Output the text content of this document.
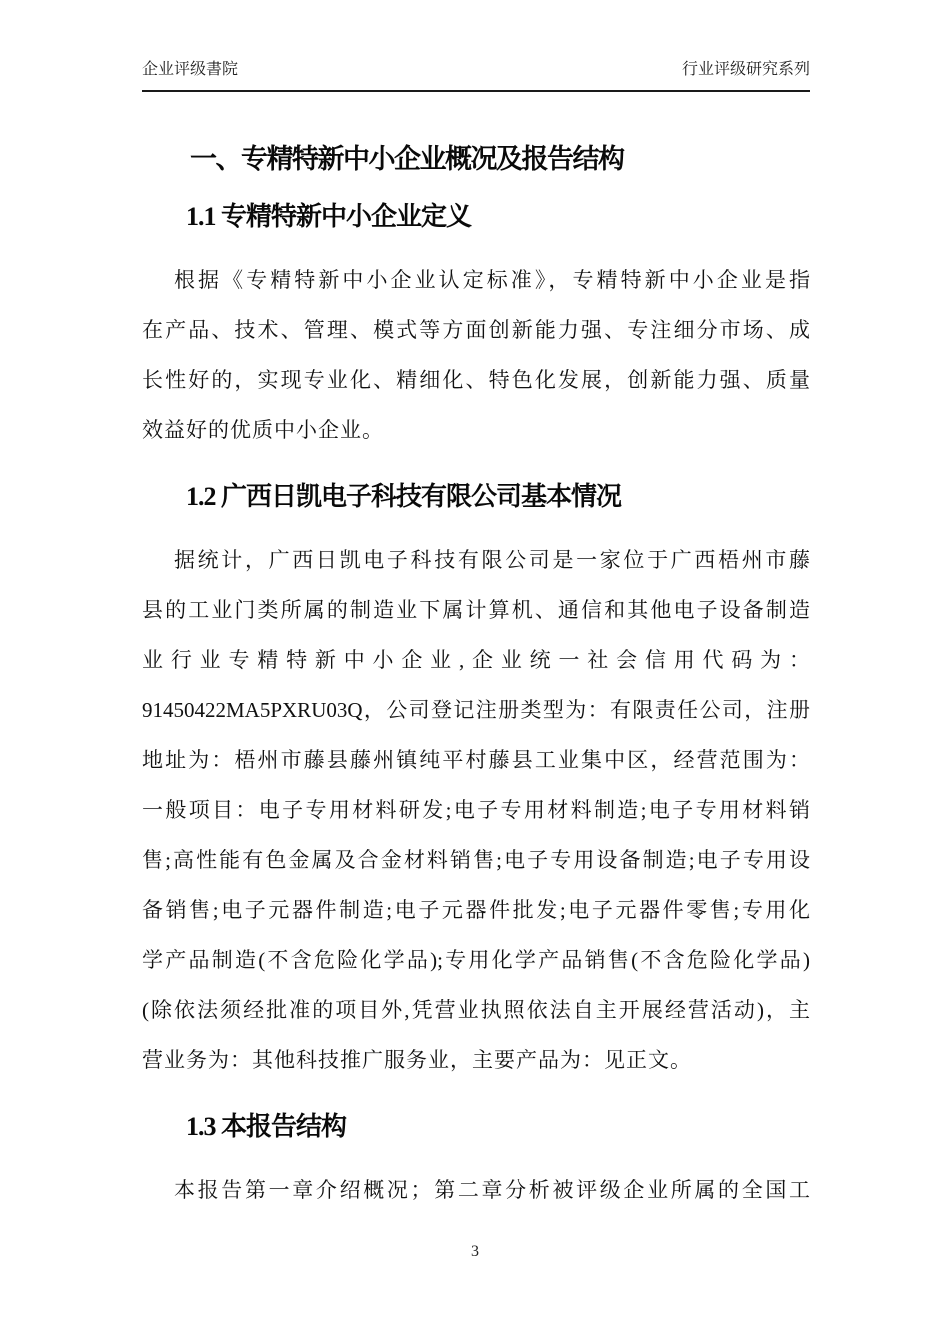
企业评级書院	行业评级研究系列
一、专精特新中小企业概况及报告结构
1.1 专精特新中小企业定义
根据《专精特新中小企业认定标准》，专精特新中小企业是指
在产品、技术、管理、模式等方面创新能力强、专注细分市场、成
长性好的，实现专业化、精细化、特色化发展，创新能力强、质量
效益好的优质中小企业。
1.2 广西日凯电子科技有限公司基本情况
据统计，广西日凯电子科技有限公司是一家位于广西梧州市藤
县的工业门类所属的制造业下属计算机、通信和其他电子设备制造
业行业专精特新中小企业,企业统一社会信用代码为：
91450422MA5PXRU03Q，公司登记注册类型为：有限责任公司，注册
地址为：梧州市藤县藤州镇纯平村藤县工业集中区，经营范围为：
一般项目：电子专用材料研发;电子专用材料制造;电子专用材料销
售;高性能有色金属及合金材料销售;电子专用设备制造;电子专用设
备销售;电子元器件制造;电子元器件批发;电子元器件零售;专用化
学产品制造(不含危险化学品);专用化学产品销售(不含危险化学品)
(除依法须经批准的项目外,凭营业执照依法自主开展经营活动)，主
营业务为：其他科技推广服务业，主要产品为：见正文。
1.3 本报告结构
本报告第一章介绍概况；第二章分析被评级企业所属的全国工
3
